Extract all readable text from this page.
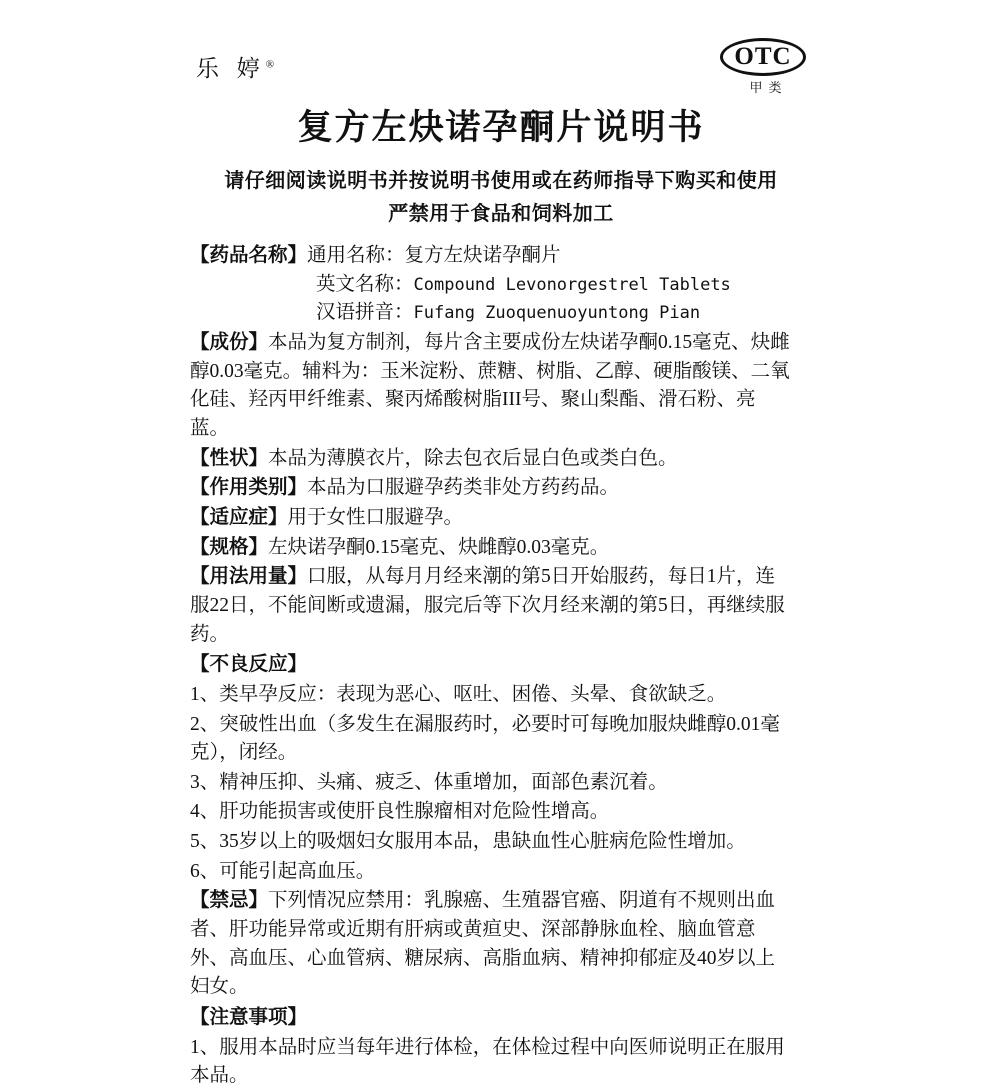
乐 婷®	OTC
甲类
复方左炔诺孕酮片说明书
请仔细阅读说明书并按说明书使用或在药师指导下购买和使用
严禁用于食品和饲料加工
【药品名称】 通用名称： 复方左炔诺孕酮片
英文名称： Compound Levonorgestrel Tablets
汉语拼音： Fufang Zuoquenuoyuntong Pian
【成份】本品为复方制剂，每片含主要成份左炔诺孕酮0.15毫克、炔雌醇0.03毫克。辅料为：玉米淀粉、蔗糖、树脂、乙醇、硬脂酸镁、二氧化硅、羟丙甲纤维素、聚丙烯酸树脂III号、聚山梨酯、滑石粉、亮蓝。
【性状】本品为薄膜衣片，除去包衣后显白色或类白色。
【作用类别】本品为口服避孕药类非处方药药品。
【适应症】用于女性口服避孕。
【规格】左炔诺孕酮0.15毫克、炔雌醇0.03毫克。
【用法用量】口服，从每月月经来潮的第5日开始服药，每日1片，连服22日，不能间断或遗漏，服完后等下次月经来潮的第5日，再继续服药。
【不良反应】
1、类早孕反应：表现为恶心、呕吐、困倦、头晕、食欲缺乏。
2、突破性出血（多发生在漏服药时，必要时可每晚加服炔雌醇0.01毫克），闭经。
3、精神压抑、头痛、疲乏、体重增加，面部色素沉着。
4、肝功能损害或使肝良性腺瘤相对危险性增高。
5、35岁以上的吸烟妇女服用本品，患缺血性心脏病危险性增加。
6、可能引起高血压。
【禁忌】下列情况应禁用：乳腺癌、生殖器官癌、阴道有不规则出血者、肝功能异常或近期有肝病或黄疸史、深部静脉血栓、脑血管意外、高血压、心血管病、糖尿病、高脂血病、精神抑郁症及40岁以上妇女。
【注意事项】
1、服用本品时应当每年进行体检，在体检过程中向医师说明正在服用本品。
